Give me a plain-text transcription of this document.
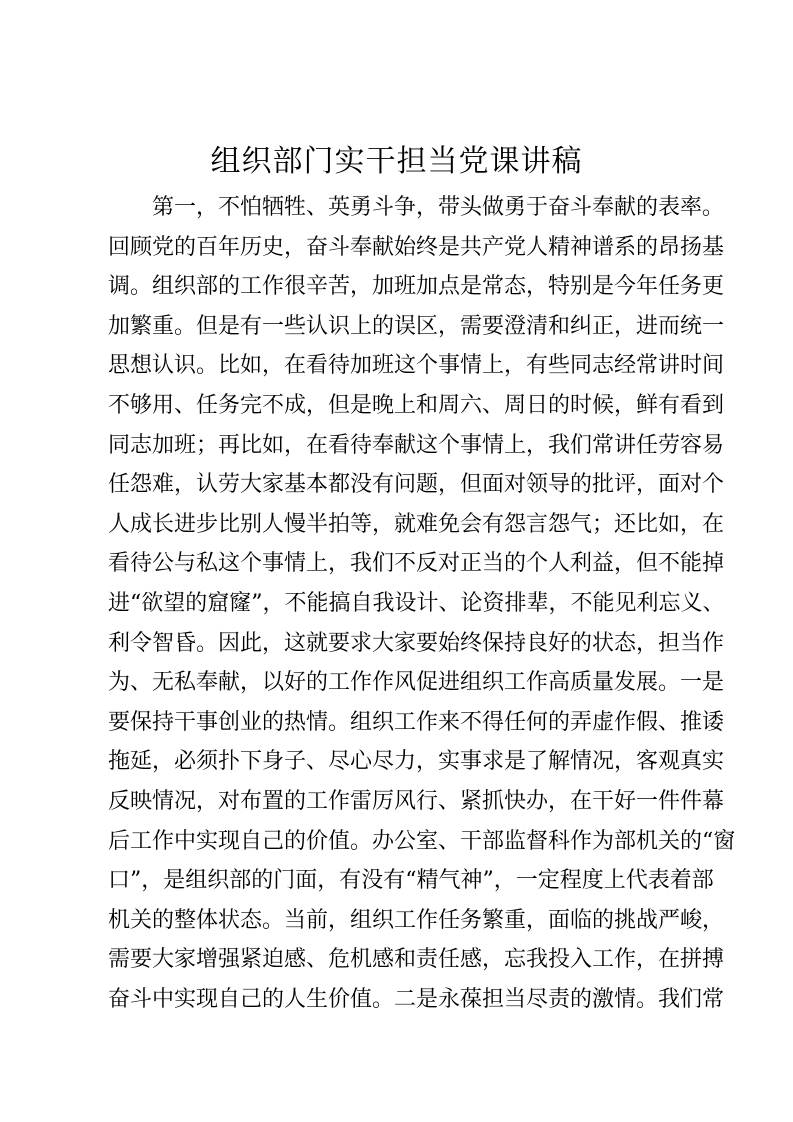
组织部门实干担当党课讲稿
第一，不怕牺牲、英勇斗争，带头做勇于奋斗奉献的表率。
回顾党的百年历史，奋斗奉献始终是共产党人精神谱系的昂扬基
调。组织部的工作很辛苦，加班加点是常态，特别是今年任务更
加繁重。但是有一些认识上的误区，需要澄清和纠正，进而统一
思想认识。比如，在看待加班这个事情上，有些同志经常讲时间
不够用、任务完不成，但是晚上和周六、周日的时候，鲜有看到
同志加班；再比如，在看待奉献这个事情上，我们常讲任劳容易
任怨难，认劳大家基本都没有问题，但面对领导的批评，面对个
人成长进步比别人慢半拍等，就难免会有怨言怨气；还比如，在
看待公与私这个事情上，我们不反对正当的个人利益，但不能掉
进“欲望的窟窿”，不能搞自我设计、论资排辈，不能见利忘义、
利令智昏。因此，这就要求大家要始终保持良好的状态，担当作
为、无私奉献，以好的工作作风促进组织工作高质量发展。一是
要保持干事创业的热情。组织工作来不得任何的弄虚作假、推诿
拖延，必须扑下身子、尽心尽力，实事求是了解情况，客观真实
反映情况，对布置的工作雷厉风行、紧抓快办，在干好一件件幕
后工作中实现自己的价值。办公室、干部监督科作为部机关的“窗
口”，是组织部的门面，有没有“精气神”，一定程度上代表着部
机关的整体状态。当前，组织工作任务繁重，面临的挑战严峻，
需要大家增强紧迫感、危机感和责任感，忘我投入工作，在拼搏
奋斗中实现自己的人生价值。二是永葆担当尽责的激情。我们常
